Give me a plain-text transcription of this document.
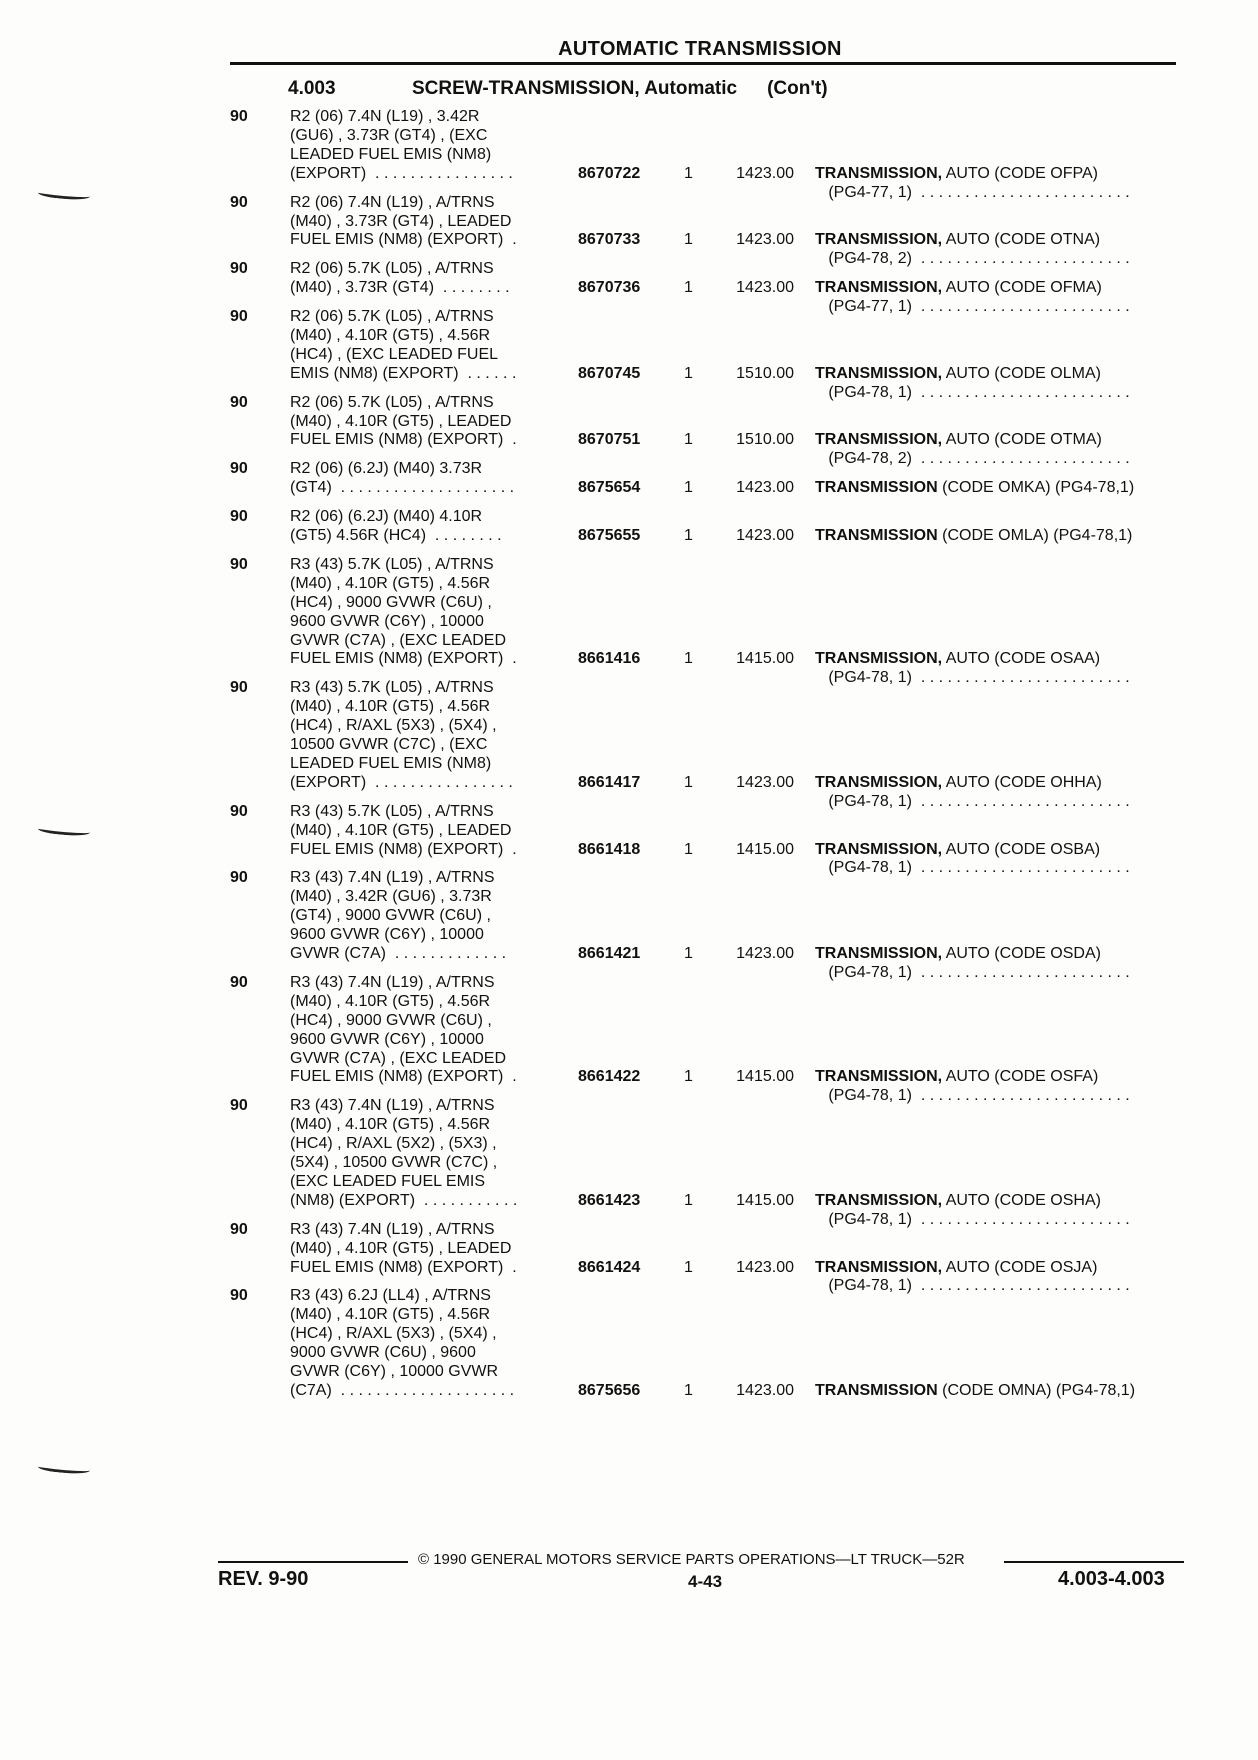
AUTOMATIC TRANSMISSION
4.003	SCREW-TRANSMISSION, Automatic (Con't)
90	R2 (06) 7.4N (L19) , 3.42R
(GU6) , 3.73R (GT4) , (EXC
LEADED FUEL EMIS (NM8)
(EXPORT)  . . . . . . . . . . . . . . . .	8670722	1	1423.00 TRANSMISSION, AUTO (CODE OFPA)
(PG4-77, 1)  . . . . . . . . . . . . . . . . . . . . . . . .
90	R2 (06) 7.4N (L19) , A/TRNS
(M40) , 3.73R (GT4) , LEADED
FUEL EMIS (NM8) (EXPORT)  .	8670733	1	1423.00 TRANSMISSION, AUTO (CODE OTNA)
(PG4-78, 2)  . . . . . . . . . . . . . . . . . . . . . . . .
90	R2 (06) 5.7K (L05) , A/TRNS
(M40) , 3.73R (GT4)  . . . . . . . .	8670736	1	1423.00 TRANSMISSION, AUTO (CODE OFMA)
(PG4-77, 1)  . . . . . . . . . . . . . . . . . . . . . . . .
90	R2 (06) 5.7K (L05) , A/TRNS
(M40) , 4.10R (GT5) , 4.56R
(HC4) , (EXC LEADED FUEL
EMIS (NM8) (EXPORT)  . . . . . .	8670745	1	1510.00 TRANSMISSION, AUTO (CODE OLMA)
(PG4-78, 1)  . . . . . . . . . . . . . . . . . . . . . . . .
90	R2 (06) 5.7K (L05) , A/TRNS
(M40) , 4.10R (GT5) , LEADED
FUEL EMIS (NM8) (EXPORT)  .	8670751	1	1510.00 TRANSMISSION, AUTO (CODE OTMA)
(PG4-78, 2)  . . . . . . . . . . . . . . . . . . . . . . . .
90	R2 (06) (6.2J) (M40) 3.73R
(GT4)  . . . . . . . . . . . . . . . . . . . .	8675654	1	1423.00 TRANSMISSION (CODE OMKA) (PG4-78,1)
90	R2 (06) (6.2J) (M40) 4.10R
(GT5) 4.56R (HC4)  . . . . . . . .	8675655	1	1423.00 TRANSMISSION (CODE OMLA) (PG4-78,1)
90	R3 (43) 5.7K (L05) , A/TRNS
(M40) , 4.10R (GT5) , 4.56R
(HC4) , 9000 GVWR (C6U) ,
9600 GVWR (C6Y) , 10000
GVWR (C7A) , (EXC LEADED
FUEL EMIS (NM8) (EXPORT)  .	8661416	1	1415.00 TRANSMISSION, AUTO (CODE OSAA)
(PG4-78, 1)  . . . . . . . . . . . . . . . . . . . . . . . .
90	R3 (43) 5.7K (L05) , A/TRNS
(M40) , 4.10R (GT5) , 4.56R
(HC4) , R/AXL (5X3) , (5X4) ,
10500 GVWR (C7C) , (EXC
LEADED FUEL EMIS (NM8)
(EXPORT)  . . . . . . . . . . . . . . . .	8661417	1	1423.00 TRANSMISSION, AUTO (CODE OHHA)
(PG4-78, 1)  . . . . . . . . . . . . . . . . . . . . . . . .
90	R3 (43) 5.7K (L05) , A/TRNS
(M40) , 4.10R (GT5) , LEADED
FUEL EMIS (NM8) (EXPORT)  .	8661418	1	1415.00 TRANSMISSION, AUTO (CODE OSBA)
(PG4-78, 1)  . . . . . . . . . . . . . . . . . . . . . . . .
90	R3 (43) 7.4N (L19) , A/TRNS
(M40) , 3.42R (GU6) , 3.73R
(GT4) , 9000 GVWR (C6U) ,
9600 GVWR (C6Y) , 10000
GVWR (C7A)  . . . . . . . . . . . . .	8661421	1	1423.00 TRANSMISSION, AUTO (CODE OSDA)
(PG4-78, 1)  . . . . . . . . . . . . . . . . . . . . . . . .
90	R3 (43) 7.4N (L19) , A/TRNS
(M40) , 4.10R (GT5) , 4.56R
(HC4) , 9000 GVWR (C6U) ,
9600 GVWR (C6Y) , 10000
GVWR (C7A) , (EXC LEADED
FUEL EMIS (NM8) (EXPORT)  .	8661422	1	1415.00 TRANSMISSION, AUTO (CODE OSFA)
(PG4-78, 1)  . . . . . . . . . . . . . . . . . . . . . . . .
90	R3 (43) 7.4N (L19) , A/TRNS
(M40) , 4.10R (GT5) , 4.56R
(HC4) , R/AXL (5X2) , (5X3) ,
(5X4) , 10500 GVWR (C7C) ,
(EXC LEADED FUEL EMIS
(NM8) (EXPORT)  . . . . . . . . . . .	8661423	1	1415.00 TRANSMISSION, AUTO (CODE OSHA)
(PG4-78, 1)  . . . . . . . . . . . . . . . . . . . . . . . .
90	R3 (43) 7.4N (L19) , A/TRNS
(M40) , 4.10R (GT5) , LEADED
FUEL EMIS (NM8) (EXPORT)  .	8661424	1	1423.00 TRANSMISSION, AUTO (CODE OSJA)
(PG4-78, 1)  . . . . . . . . . . . . . . . . . . . . . . . .
90	R3 (43) 6.2J (LL4) , A/TRNS
(M40) , 4.10R (GT5) , 4.56R
(HC4) , R/AXL (5X3) , (5X4) ,
9000 GVWR (C6U) , 9600
GVWR (C6Y) , 10000 GVWR
(C7A)  . . . . . . . . . . . . . . . . . . . .	8675656	1	1423.00 TRANSMISSION (CODE OMNA) (PG4-78,1)
© 1990 GENERAL MOTORS SERVICE PARTS OPERATIONS—LT TRUCK—52R
REV. 9-90	4-43	4.003-4.003
